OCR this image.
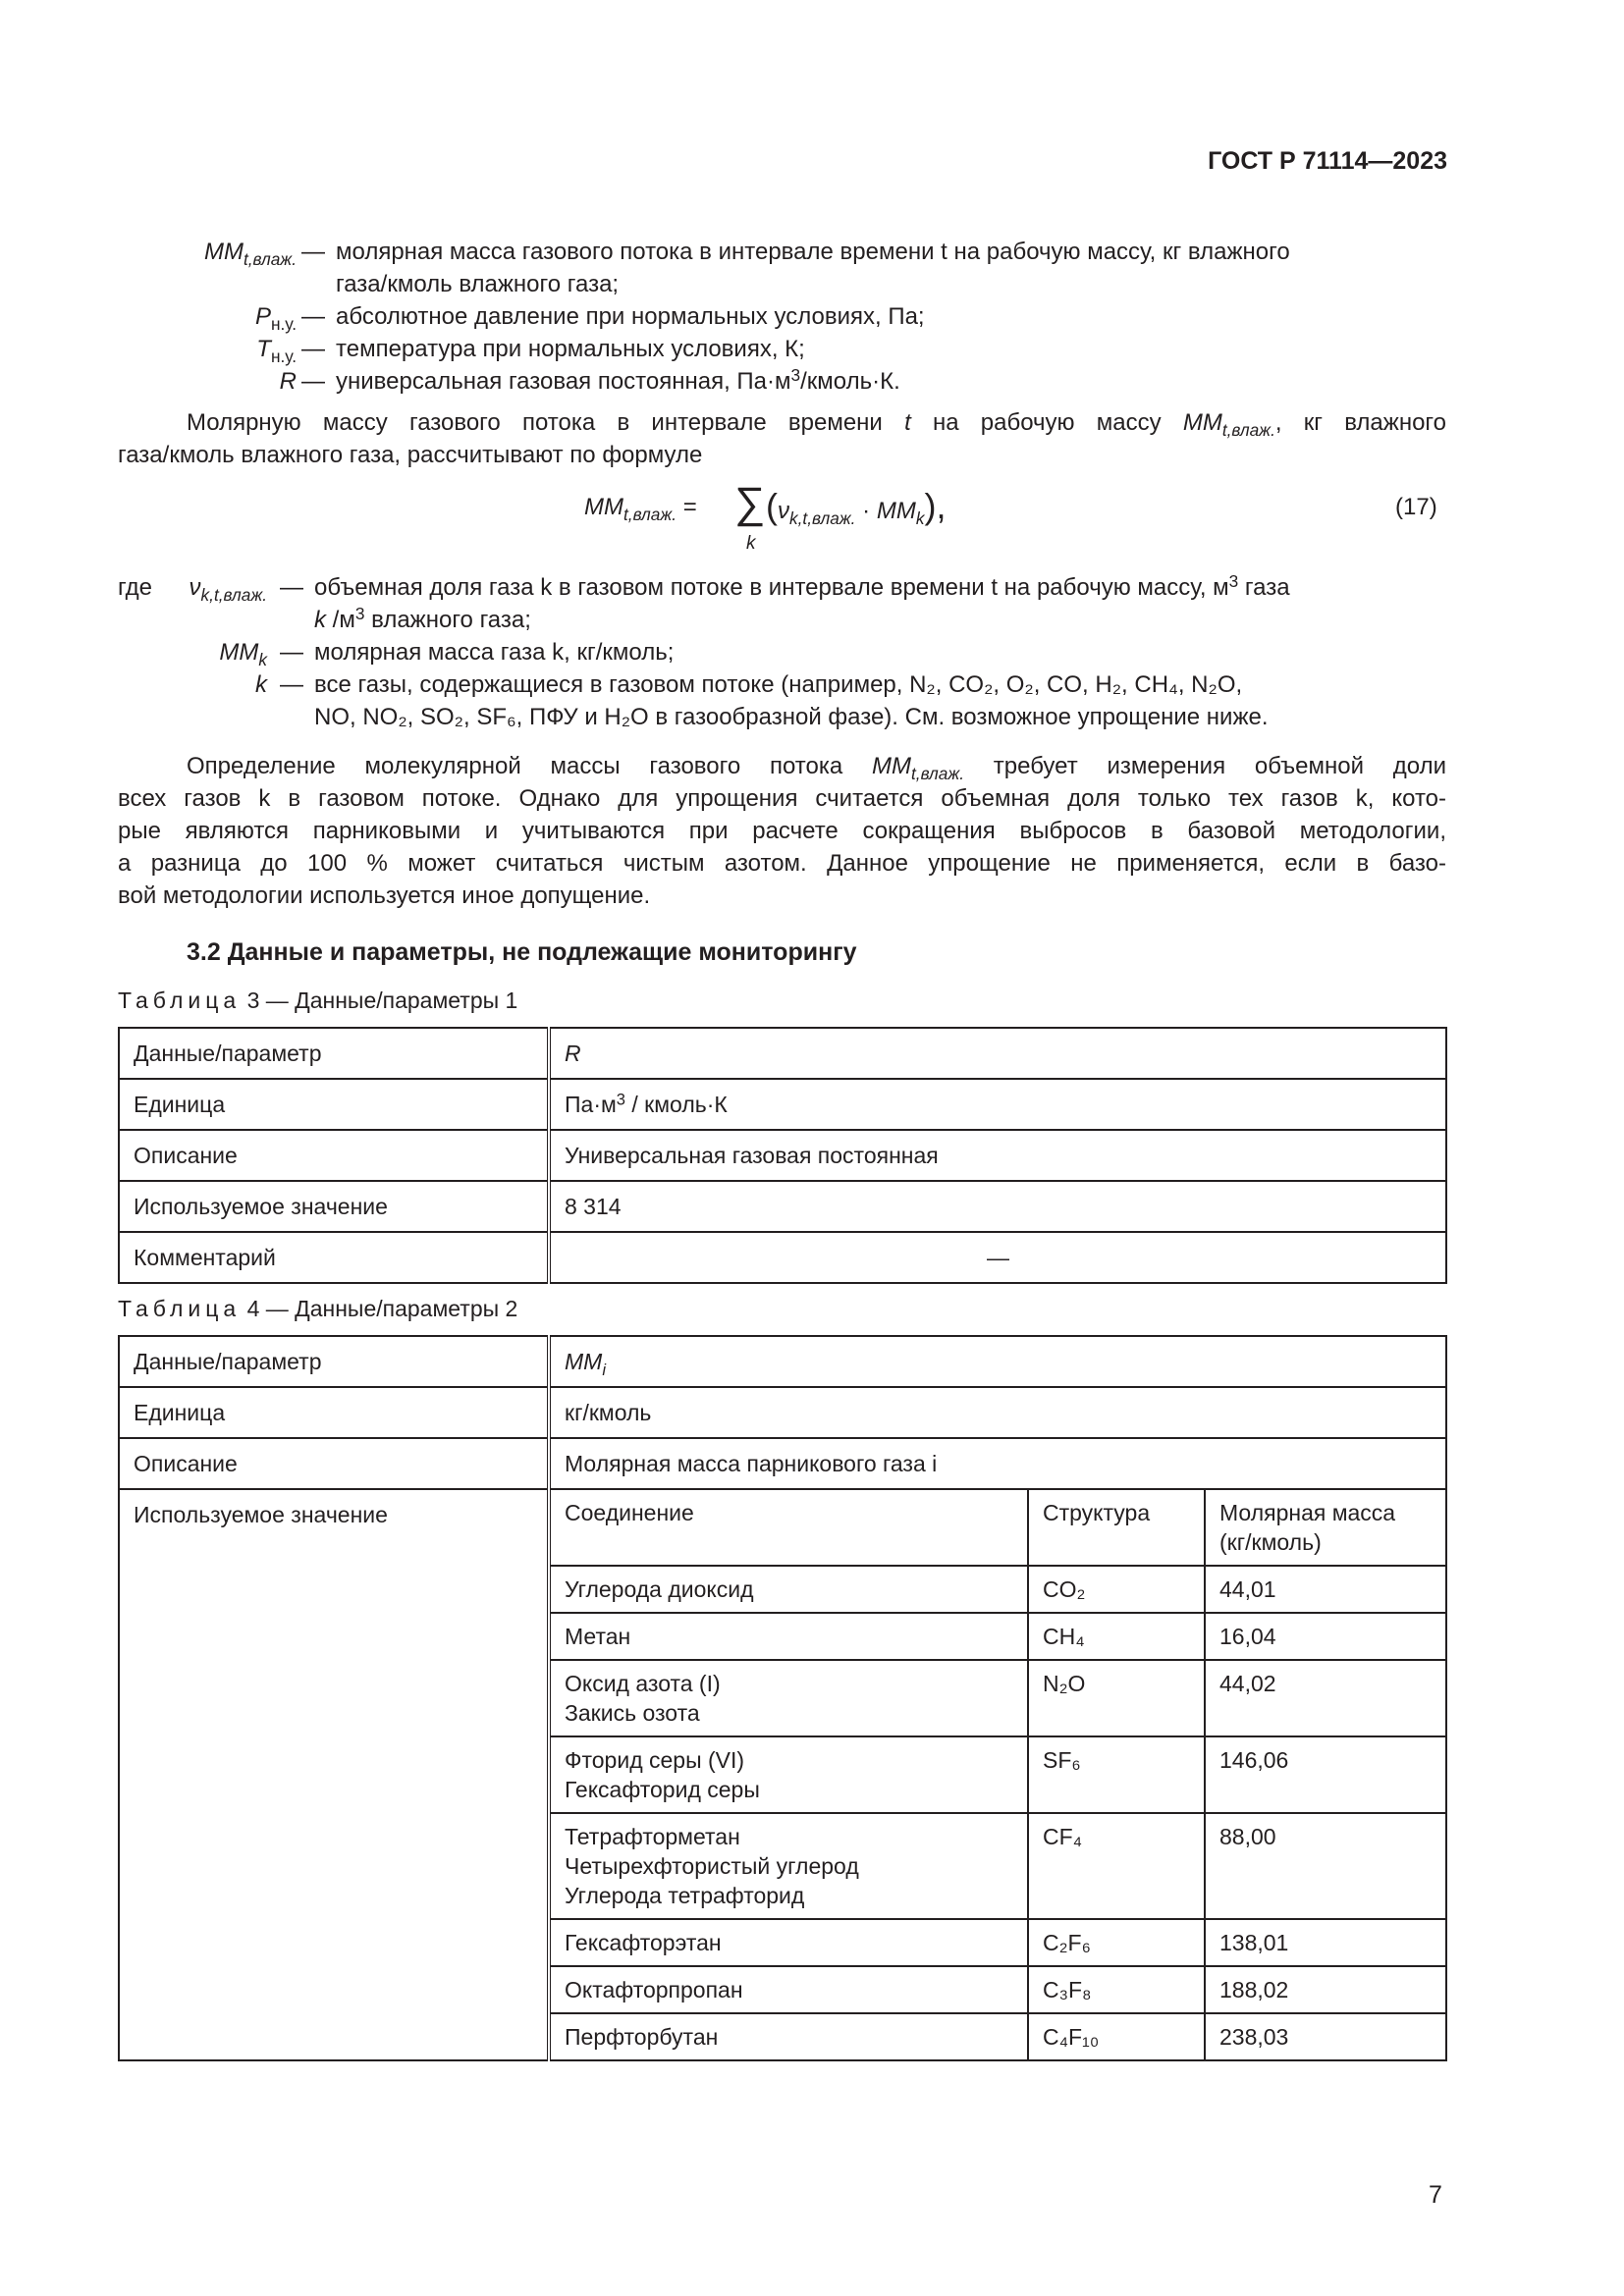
ГОСТ Р 71114—2023
$MM_{t,влаж.}$ — молярная масса газового потока в интервале времени t на рабочую массу, кг влажного
газа/кмоль влажного газа;
$P_{н.у.}$ — абсолютное давление при нормальных условиях, Па;
$T_{н.у.}$ — температура при нормальных условиях, К;
R — универсальная газовая постоянная, $Па\cdot м^3/кмоль\cdot К$.
Молярную массу газового потока в интервале времени t на рабочую массу $MM_{t,влаж.}$, кг влажного
газа/кмоль влажного газа, рассчитывают по формуле
$MM_{t,влаж.}$ = ∑
k
$(\nu_{k,t,влаж.} \cdot MM_k)$,	(17)
где $\nu_{k,t,влаж.}$ — объемная доля газа k в газовом потоке в интервале времени t на рабочую массу, $м^3$ газа
k $/м^3$ влажного газа;
$MM_k$ — молярная масса газа k, кг/кмоль;
k — все газы, содержащиеся в газовом потоке (например, N₂, CO₂, O₂, CO, H₂, CH₄, N₂O,
NO, NO₂, SO₂, SF₆, ПФУ и H₂O в газообразной фазе). См. возможное упрощение ниже.
Определение молекулярной массы газового потока $MM_{t,влаж.}$ требует измерения объемной доли
всех газов k в газовом потоке. Однако для упрощения считается объемная доля только тех газов k, кото-
рые являются парниковыми и учитываются при расчете сокращения выбросов в базовой методологии,
а разница до 100 % может считаться чистым азотом. Данное упрощение не применяется, если в базо-
вой методологии используется иное допущение.
3.2 Данные и параметры, не подлежащие мониторингу
Таблица 3 — Данные/параметры 1
Данные/параметр	R
Единица	$Па\cdot м^3$ / кмоль·К
Описание	Универсальная газовая постоянная
Используемое значение	8 314
Комментарий	—
Таблица 4 — Данные/параметры 2
Данные/параметр	$MM_i$
Единица	кг/кмоль
Описание	Молярная масса парникового газа i
Используемое значение		Соединение	Структура	Молярная масса (кг/кмоль)
Углерода диоксид	CO₂	44,01
Метан	CH₄	16,04

Оксид азота (I)
Закись озота
	N₂O	44,02

Фторид серы (VI)
Гексафторид серы
	SF₆	146,06

Тетрафторметан
Четырехфтористый углерод
Углерода тетрафторид
	CF₄	88,00
Гексафторэтан	C₂F₆	138,01
Октафторпропан	C₃F₈	188,02
Перфторбутан	C₄F₁₀	238,03
7
